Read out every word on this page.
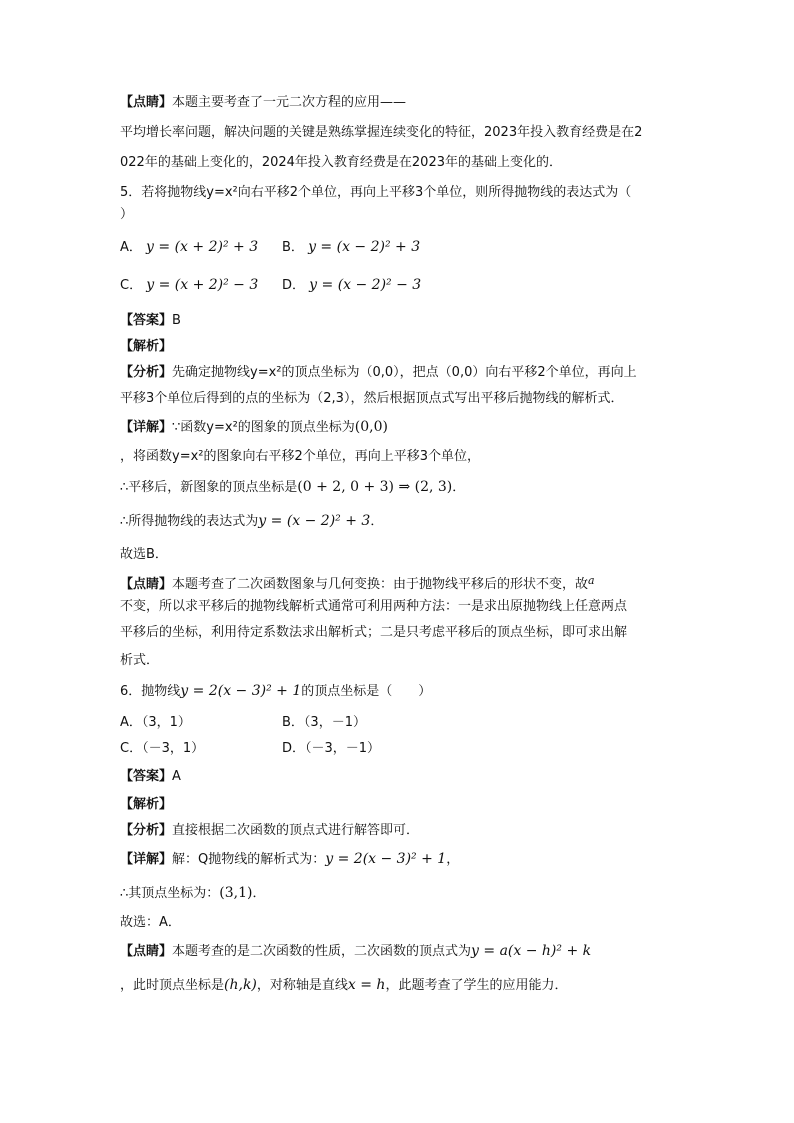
【点睛】本题主要考查了一元二次方程的应用——
平均增长率问题，解决问题的关键是熟练掌握连续变化的特征，2023年投入教育经费是在2
022年的基础上变化的，2024年投入教育经费是在2023年的基础上变化的．
5．若将抛物线y=x²向右平移2个单位，再向上平移3个单位，则所得抛物线的表达式为（
）
A． y = (x + 2)² + 3 B． y = (x − 2)² + 3
C． y = (x + 2)² − 3 D． y = (x − 2)² − 3
【答案】B
【解析】
【分析】先确定抛物线y=x²的顶点坐标为（0,0），把点（0,0）向右平移2个单位，再向上
平移3个单位后得到的点的坐标为（2,3），然后根据顶点式写出平移后抛物线的解析式．
【详解】∵函数y=x²的图象的顶点坐标为(0,0)
，将函数y=x²的图象向右平移2个单位，再向上平移3个单位，
∴平移后，新图象的顶点坐标是(0 + 2, 0 + 3) ⇒ (2, 3)．
∴所得抛物线的表达式为y = (x − 2)² + 3．
故选B．
【点睛】本题考查了二次函数图象与几何变换：由于抛物线平移后的形状不变，故$^a$
不变，所以求平移后的抛物线解析式通常可利用两种方法：一是求出原抛物线上任意两点
平移后的坐标，利用待定系数法求出解析式；二是只考虑平移后的顶点坐标，即可求出解
析式．
6．抛物线y = 2(x − 3)² + 1的顶点坐标是（　　）
A．（3，1）	B．（3，－1）
C．（－3，1）	D．（－3，－1）
【答案】A
【解析】
【分析】直接根据二次函数的顶点式进行解答即可．
【详解】解：Q抛物线的解析式为：y = 2(x − 3)² + 1，
∴其顶点坐标为：(3,1)．
故选：A．
【点睛】本题考查的是二次函数的性质，二次函数的顶点式为y = a(x − h)² + k
，此时顶点坐标是(h,k)，对称轴是直线x = h，此题考查了学生的应用能力．
